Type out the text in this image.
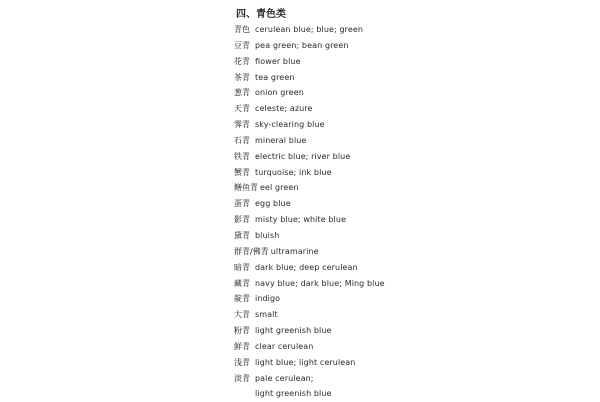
四、青色类
青色 cerulean blue; blue; green
豆青 pea green; bean green
花青 flower blue
茶青 tea green
葱青 onion green
天青 celeste; azure
霁青 sky-clearing blue
石青 mineral blue
铁青 electric blue; river blue
蟹青 turquoise; ink blue
鳝鱼青 eel green
蛋青 egg blue
影青 misty blue; white blue
黛青 bluish
群青/佛青 ultramarine
暗青 dark blue; deep cerulean
藏青 navy blue; dark blue; Ming blue
靛青 indigo
大青 smalt
粉青 light greenish blue
鲜青 clear cerulean
浅青 light blue; light cerulean
淡青 pale cerulean;
light greenish blue
